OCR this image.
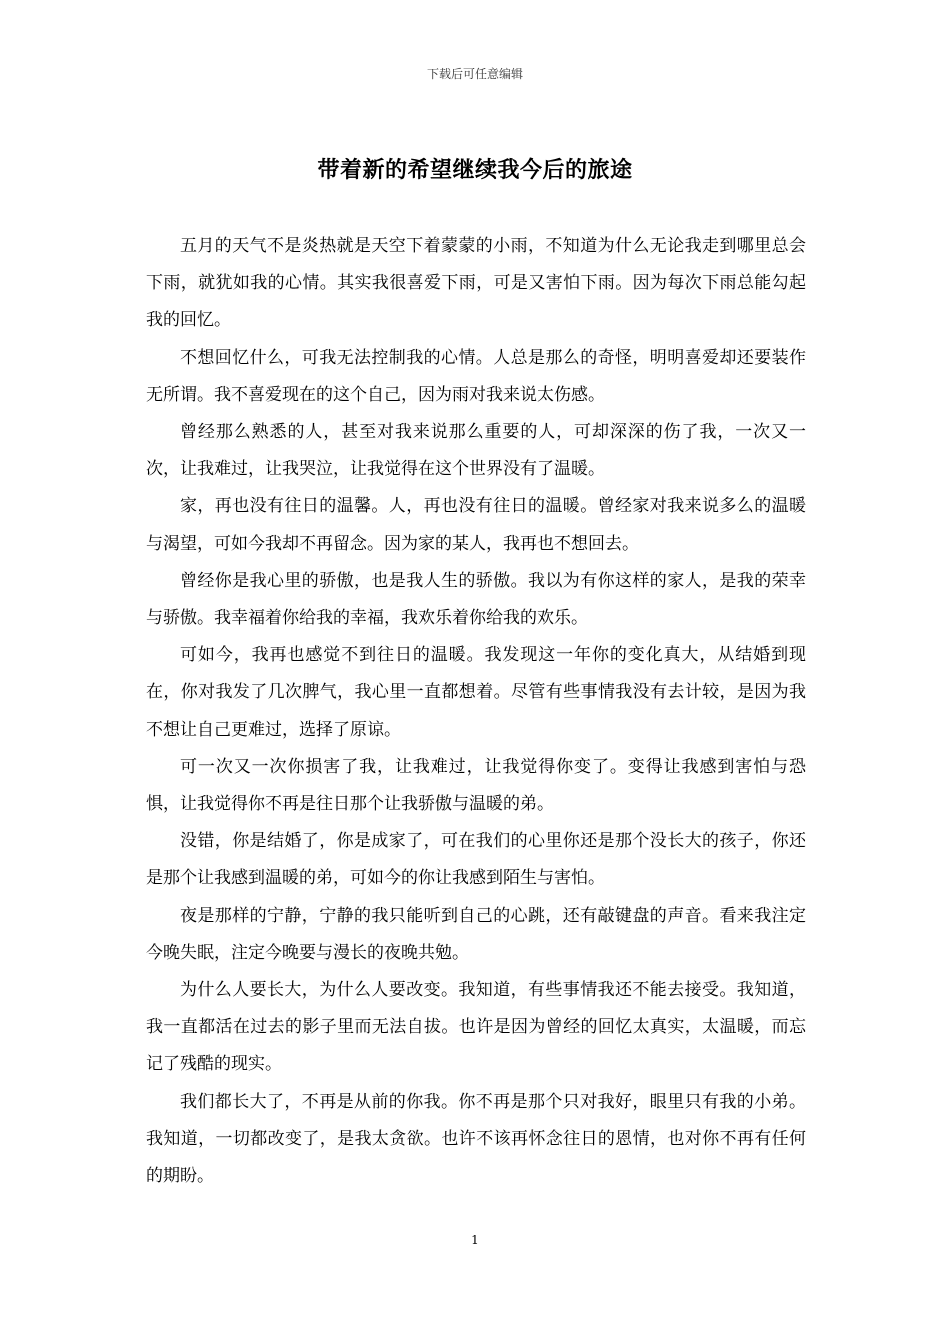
下载后可任意编辑
带着新的希望继续我今后的旅途

五月的天气不是炎热就是天空下着蒙蒙的小雨，不知道为什么无论我走到哪里总会下雨，就犹如我的心情。其实我很喜爱下雨，可是又害怕下雨。因为每次下雨总能勾起我的回忆。

不想回忆什么，可我无法控制我的心情。人总是那么的奇怪，明明喜爱却还要装作无所谓。我不喜爱现在的这个自己，因为雨对我来说太伤感。

曾经那么熟悉的人，甚至对我来说那么重要的人，可却深深的伤了我，一次又一次，让我难过，让我哭泣，让我觉得在这个世界没有了温暖。

家，再也没有往日的温馨。人，再也没有往日的温暖。曾经家对我来说多么的温暖与渴望，可如今我却不再留念。因为家的某人，我再也不想回去。

曾经你是我心里的骄傲，也是我人生的骄傲。我以为有你这样的家人，是我的荣幸与骄傲。我幸福着你给我的幸福，我欢乐着你给我的欢乐。

可如今，我再也感觉不到往日的温暖。我发现这一年你的变化真大，从结婚到现在，你对我发了几次脾气，我心里一直都想着。尽管有些事情我没有去计较，是因为我不想让自己更难过，选择了原谅。

可一次又一次你损害了我，让我难过，让我觉得你变了。变得让我感到害怕与恐惧，让我觉得你不再是往日那个让我骄傲与温暖的弟。

没错，你是结婚了，你是成家了，可在我们的心里你还是那个没长大的孩子，你还是那个让我感到温暖的弟，可如今的你让我感到陌生与害怕。

夜是那样的宁静，宁静的我只能听到自己的心跳，还有敲键盘的声音。看来我注定今晚失眠，注定今晚要与漫长的夜晚共勉。

为什么人要长大，为什么人要改变。我知道，有些事情我还不能去接受。我知道，我一直都活在过去的影子里而无法自拔。也许是因为曾经的回忆太真实，太温暖，而忘记了残酷的现实。

我们都长大了，不再是从前的你我。你不再是那个只对我好，眼里只有我的小弟。我知道，一切都改变了，是我太贪欲。也许不该再怀念往日的恩情，也对你不再有任何的期盼。

1
